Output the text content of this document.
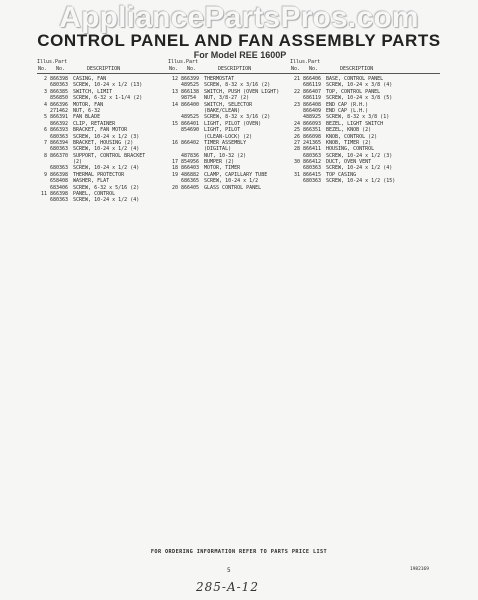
AppliancePartsPros.com
CONTROL PANEL AND FAN ASSEMBLY PARTS
For Model REE 1600P
Illus. Part
No. No.	DESCRIPTION
2 866398 CASING, FAN
680363 SCREW, 10-24 x 1/2 (13)
3 866385 SWITCH, LIMIT
856850 SCREW, 6-32 x 1-1/4 (2)
4 866396 MOTOR, FAN
271462 NUT, 6-32
5 866391 FAN BLADE
866392 CLIP, RETAINER
6 866393 BRACKET, FAN MOTOR
680363 SCREW, 10-24 x 1/2 (3)
7 866394 BRACKET, HOUSING (2)
680363 SCREW, 10-24 x 1/2 (4)
8 866370 SUPPORT, CONTROL BRACKET
(2)
680363 SCREW, 10-24 x 1/2 (4)
9 866398 THERMAL PROTECTOR
658408 WASHER, FLAT
683406 SCREW, 6-32 x 5/16 (2)
11 866398 PANEL, CONTROL
680363 SCREW, 10-24 x 1/2 (4)
Illus. Part
No. No.	DESCRIPTION
12 866399 THERMOSTAT
489525 SCREW, 8-32 x 3/16 (2)
13 866138 SWITCH, PUSH (OVEN LIGHT)
98754 NUT, 3/8-27 (2)
14 866400 SWITCH, SELECTOR
(BAKE/CLEAN)
489525 SCREW, 8-32 x 3/16 (2)
15 866401 LIGHT, PILOT (OVEN)
854690 LIGHT, PILOT
(CLEAN-LOCK) (2)
16 866402 TIMER ASSEMBLY
(DIGITAL)
487836 NUT, 10-32 (2)
17 854956 BUMPER (2)
18 866403 MOTOR, TIMER
19 486882 CLAMP, CAPILLARY TUBE
686365 SCREW, 10-24 x 1/2
20 866405 GLASS CONTROL PANEL
Illus. Part
No. No.	DESCRIPTION
21 866406 BASE, CONTROL PANEL
686119 SCREW, 10-24 x 3/8 (4)
22 866407 TOP, CONTROL PANEL
686119 SCREW, 10-24 x 3/8 (5)
23 866408 END CAP (R.H.)
866409 END CAP (L.H.)
488925 SCREW, 8-32 x 3/8 (1)
24 866093 BEZEL, LIGHT SWITCH
25 866351 BEZEL, KNOB (2)
26 866098 KNOB, CONTROL (2)
27 241365 KNOB, TIMER (2)
28 866411 HOUSING, CONTROL
680363 SCREW, 10-24 x 1/2 (3)
30 866412 DUCT, OVEN VENT
680363 SCREW, 10-24 x 1/2 (4)
31 866415 TOP CASING
680363 SCREW, 10-24 x 1/2 (15)
FOR ORDERING INFORMATION REFER TO PARTS PRICE LIST
5	1982169
285-A-12
